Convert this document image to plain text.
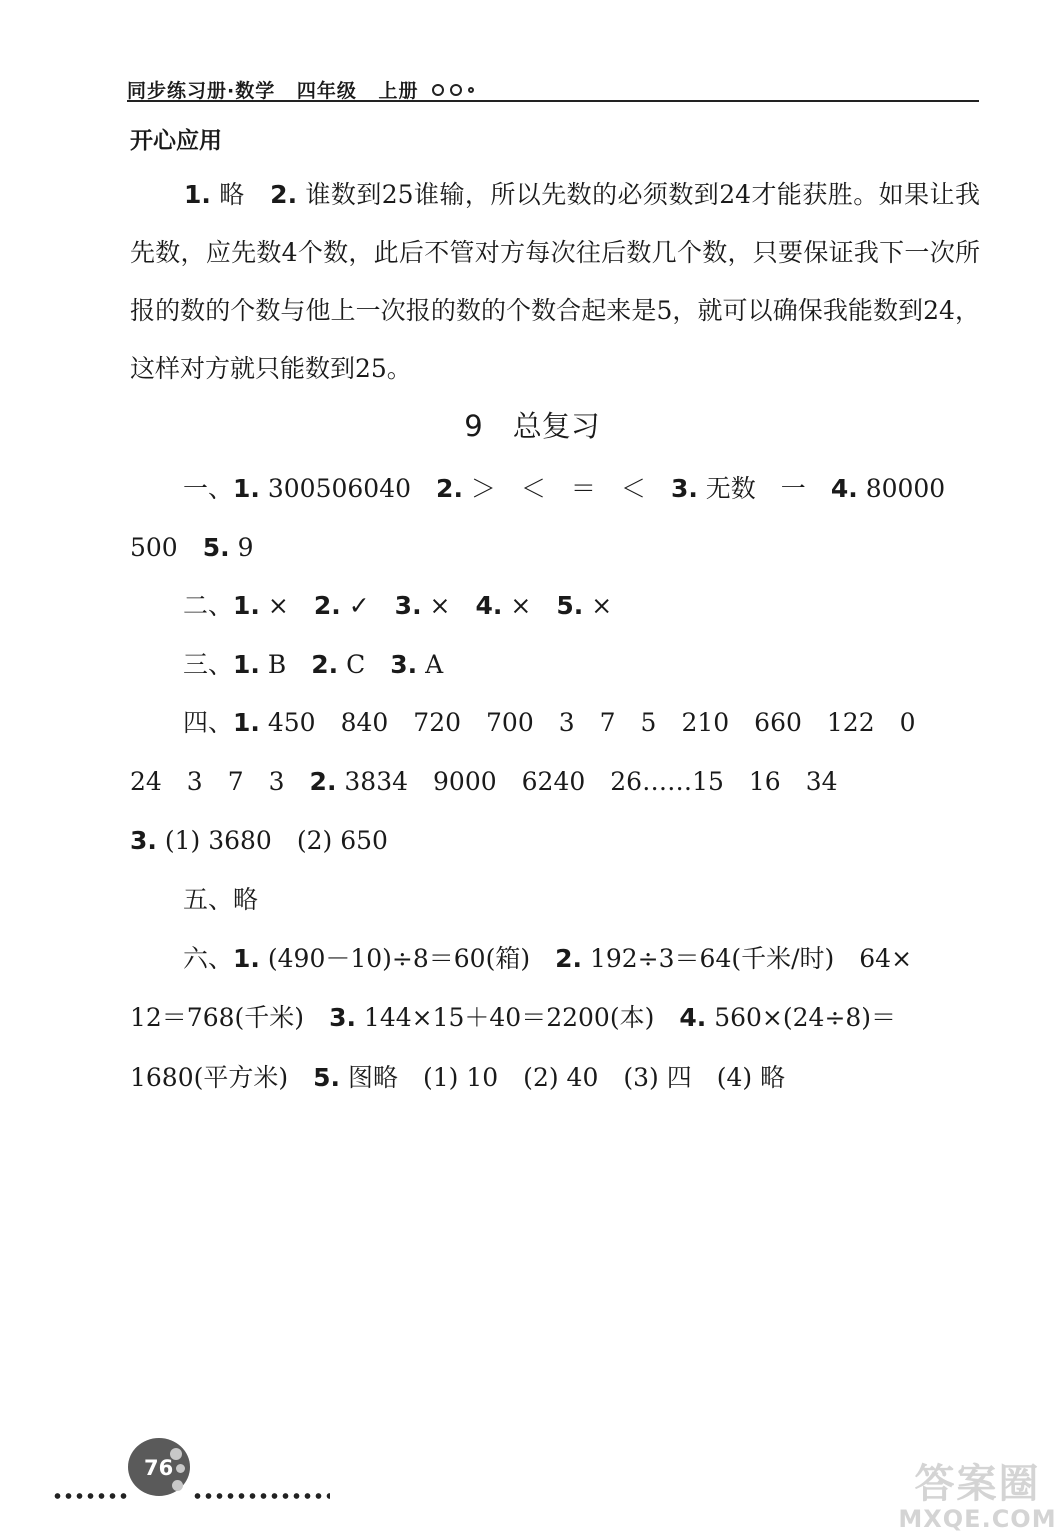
同步练习册·数学 四年级 上册
开心应用
1. 略　 2. 谁数到25谁输，所以先数的必须数到24才能获胜。如果让我先数，应先数4个数，此后不管对方每次往后数几个数，只要保证我下一次所报的数的个数与他上一次报的数的个数合起来是5，就可以确保我能数到24，这样对方就只能数到25。
9 总复习
一、1. 300506040　 2. ＞　＜　＝　＜　 3. 无数　一　 4. 80000
500　 5. 9
二、1. ×　 2. ✓　 3. ×　 4. ×　 5. ×
三、1. B　 2. C　 3. A
四、1. 450　840　720　700　3　7　5　210　660　122　0
24　3　7　3　 2. 3834　9000　6240　26……15　16　34
3. (1) 3680　(2) 650
五、略
六、1. (490－10)÷8＝60(箱)　 2. 192÷3＝64(千米/时)　64×
12＝768(千米)　 3. 144×15＋40＝2200(本)　 4. 560×(24÷8)＝
1680(平方米)　 5. 图略　(1) 10　(2) 40　(3) 四　(4) 略
76	答案圈
MXQE.COM
